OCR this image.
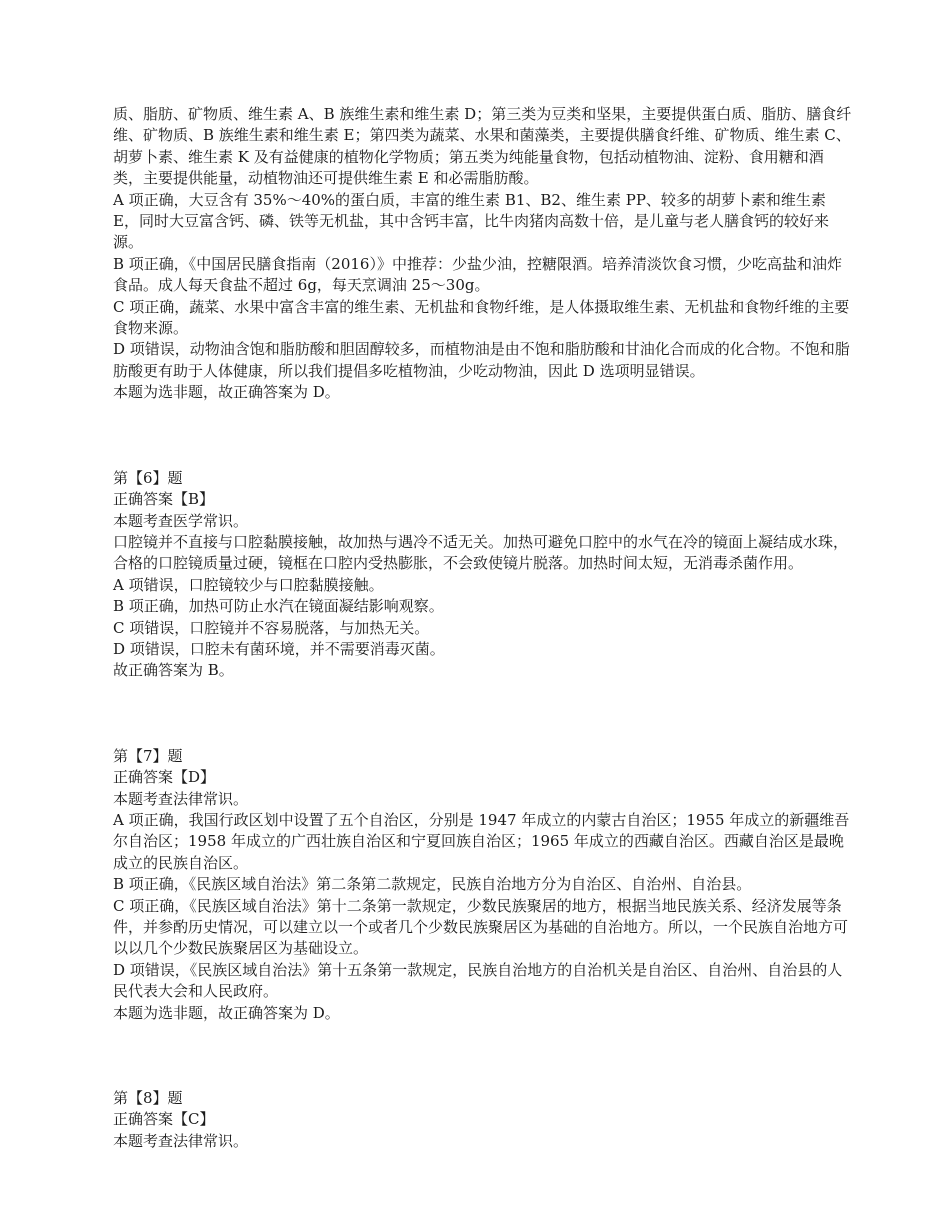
质、脂肪、矿物质、维生素 A、B 族维生素和维生素 D；第三类为豆类和坚果，主要提供蛋白质、脂肪、膳食纤维、矿物质、B 族维生素和维生素 E；第四类为蔬菜、水果和菌藻类，主要提供膳食纤维、矿物质、维生素 C、胡萝卜素、维生素 K 及有益健康的植物化学物质；第五类为纯能量食物，包括动植物油、淀粉、食用糖和酒类，主要提供能量，动植物油还可提供维生素 E 和必需脂肪酸。

A 项正确，大豆含有 35%～40%的蛋白质，丰富的维生素 B1、B2、维生素 PP、较多的胡萝卜素和维生素 E，同时大豆富含钙、磷、铁等无机盐，其中含钙丰富，比牛肉猪肉高数十倍，是儿童与老人膳食钙的较好来源。

B 项正确，《中国居民膳食指南（2016）》中推荐：少盐少油，控糖限酒。培养清淡饮食习惯，少吃高盐和油炸食品。成人每天食盐不超过 6g，每天烹调油 25～30g。

C 项正确，蔬菜、水果中富含丰富的维生素、无机盐和食物纤维，是人体摄取维生素、无机盐和食物纤维的主要食物来源。

D 项错误，动物油含饱和脂肪酸和胆固醇较多，而植物油是由不饱和脂肪酸和甘油化合而成的化合物。不饱和脂肪酸更有助于人体健康，所以我们提倡多吃植物油，少吃动物油，因此 D 选项明显错误。

本题为选非题，故正确答案为 D。

第【6】题

正确答案【B】

本题考查医学常识。

口腔镜并不直接与口腔黏膜接触，故加热与遇冷不适无关。加热可避免口腔中的水气在冷的镜面上凝结成水珠，合格的口腔镜质量过硬，镜框在口腔内受热膨胀，不会致使镜片脱落。加热时间太短，无消毒杀菌作用。

A 项错误，口腔镜较少与口腔黏膜接触。

B 项正确，加热可防止水汽在镜面凝结影响观察。

C 项错误，口腔镜并不容易脱落，与加热无关。

D 项错误，口腔未有菌环境，并不需要消毒灭菌。

故正确答案为 B。

第【7】题

正确答案【D】

本题考查法律常识。

A 项正确，我国行政区划中设置了五个自治区，分别是 1947 年成立的内蒙古自治区；1955 年成立的新疆维吾尔自治区；1958 年成立的广西壮族自治区和宁夏回族自治区；1965 年成立的西藏自治区。西藏自治区是最晚成立的民族自治区。

B 项正确，《民族区域自治法》第二条第二款规定，民族自治地方分为自治区、自治州、自治县。

C 项正确，《民族区域自治法》第十二条第一款规定，少数民族聚居的地方，根据当地民族关系、经济发展等条件，并参酌历史情况，可以建立以一个或者几个少数民族聚居区为基础的自治地方。所以，一个民族自治地方可以以几个少数民族聚居区为基础设立。

D 项错误，《民族区域自治法》第十五条第一款规定，民族自治地方的自治机关是自治区、自治州、自治县的人民代表大会和人民政府。

本题为选非题，故正确答案为 D。

第【8】题

正确答案【C】

本题考查法律常识。
